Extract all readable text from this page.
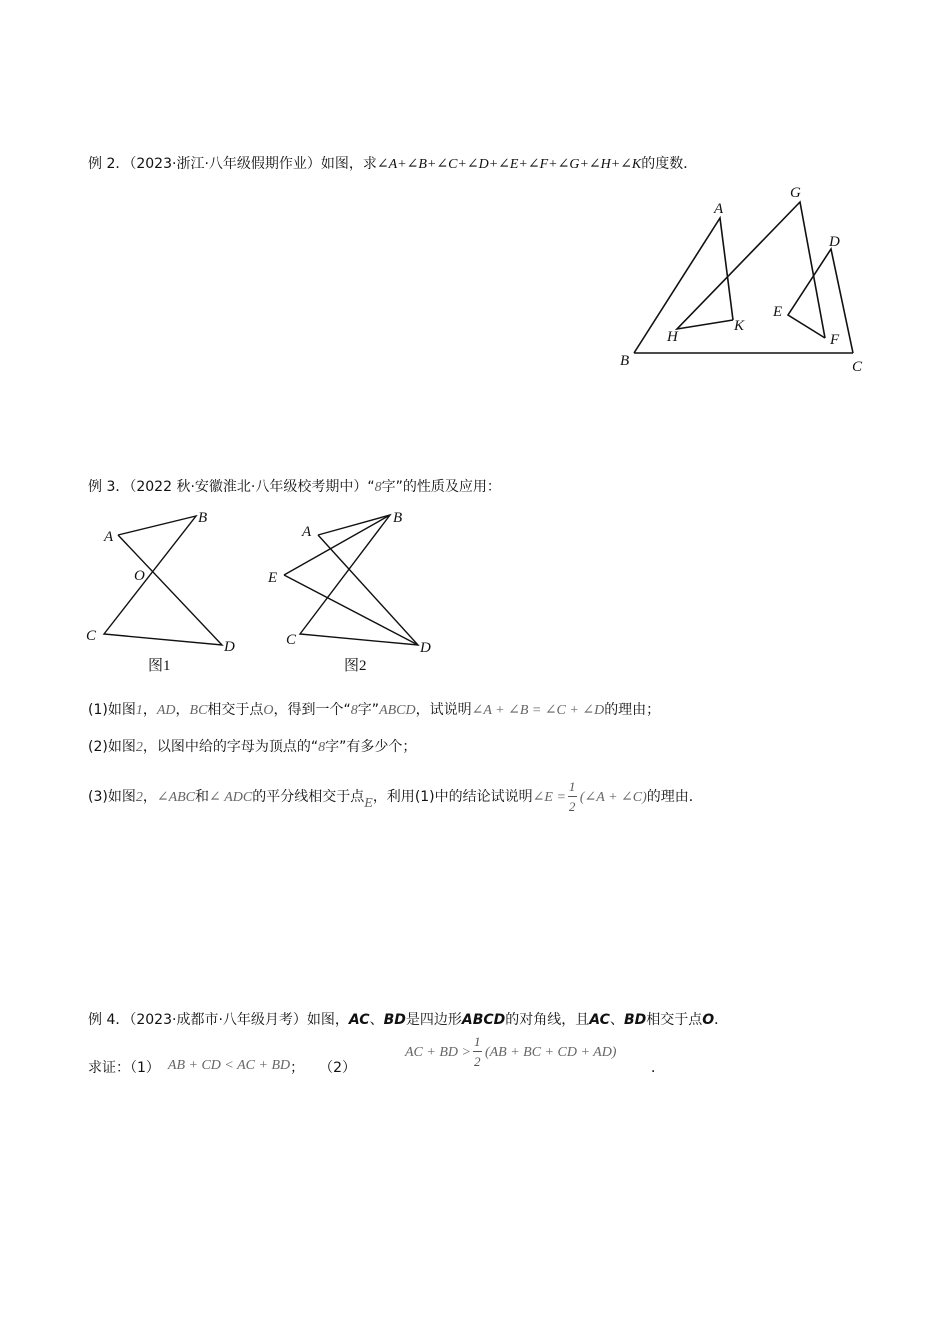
例 2．（2023·浙江·八年级假期作业）如图，求∠A+∠B+∠C+∠D+∠E+∠F+∠G+∠H+∠K的度数．
A
G
D
E
H
K
F
B	C
例 3．（2022 秋·安徽淮北·八年级校考期中）“8字”的性质及应用：
A
B
O
C
D
图1
A
B
E
C	D
图2
(1)如图1，AD，BC相交于点O，得到一个“8字”ABCD，试说明∠A + ∠B = ∠C + ∠D的理由；
(2)如图2，以图中给的字母为顶点的“8字”有多少个；
(3)如图2，∠ABC和∠ ADC的平分线相交于点E，利用(1)中的结论试说明∠E = $\frac{1}{2}$ (∠A + ∠C)的理由．
例 4．（2023·成都市·八年级月考）如图，AC、BD是四边形ABCD的对角线，且AC、BD相交于点O．
求证：（1） AB + CD < AC + BD； （2）
AC + BD > $\frac{1}{2} (AB$ + BC + CD + AD)
．
